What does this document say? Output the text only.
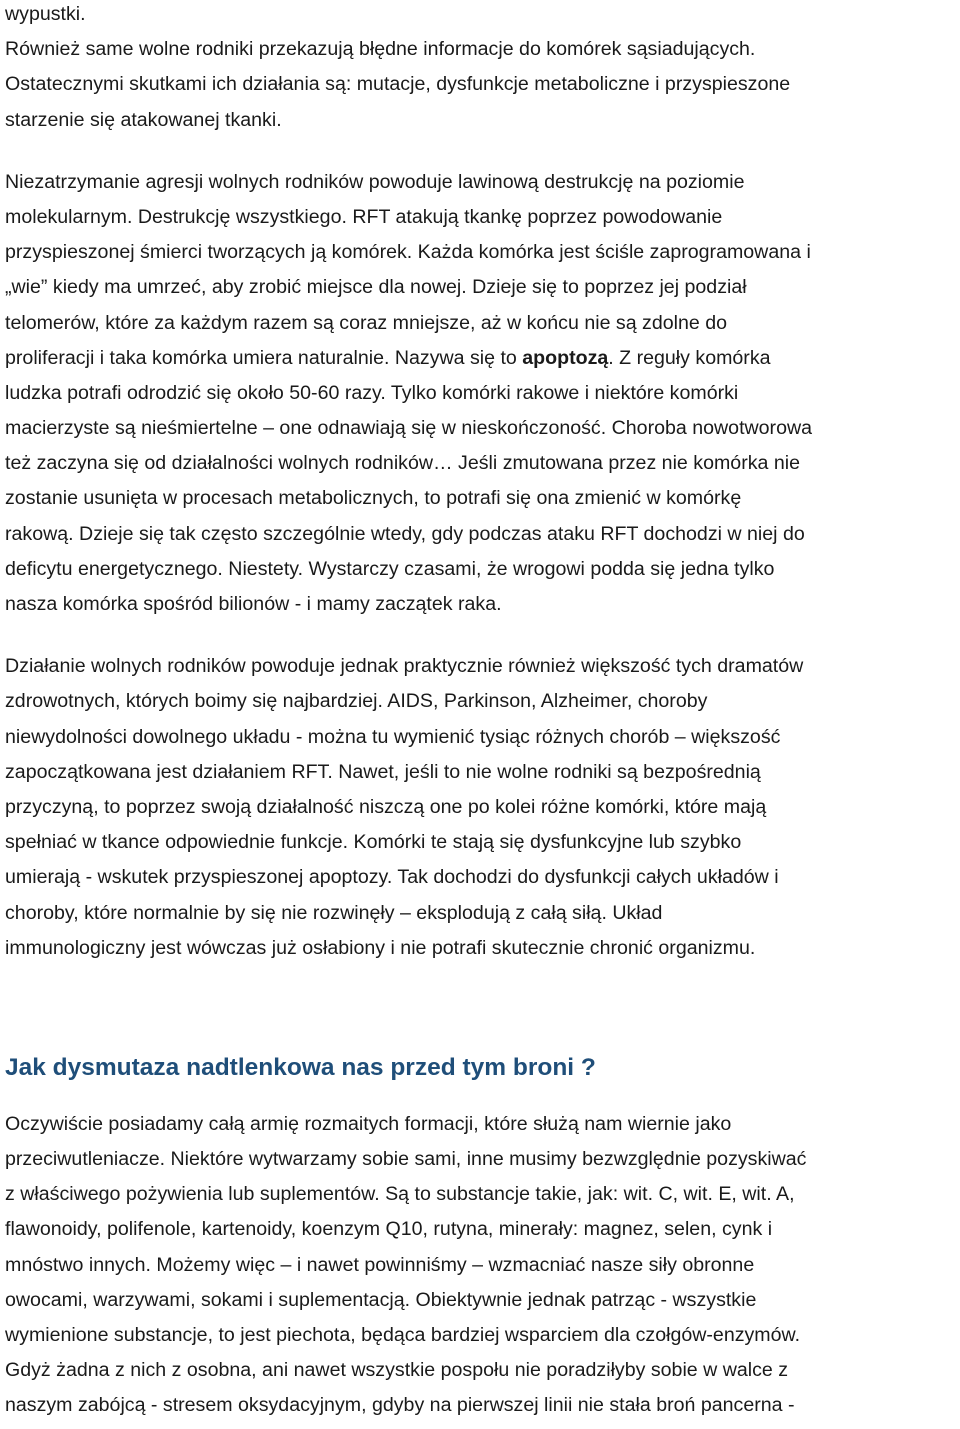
wypustki.
Również same wolne rodniki przekazują błędne informacje do komórek sąsiadujących.
Ostatecznymi skutkami ich działania są: mutacje, dysfunkcje metaboliczne i przyspieszone
starzenie się atakowanej tkanki.
Niezatrzymanie agresji wolnych rodników powoduje lawinową destrukcję na poziomie
molekularnym. Destrukcję wszystkiego. RFT atakują tkankę poprzez powodowanie
przyspieszonej śmierci tworzących ją komórek. Każda komórka jest ściśle zaprogramowana i
„wie” kiedy ma umrzeć, aby zrobić miejsce dla nowej. Dzieje się to poprzez jej podział
telomerów, które za każdym razem są coraz mniejsze, aż w końcu nie są zdolne do
proliferacji i taka komórka umiera naturalnie. Nazywa się to apoptozą. Z reguły komórka
ludzka potrafi odrodzić się około 50-60 razy. Tylko komórki rakowe i niektóre komórki
macierzyste są nieśmiertelne – one odnawiają się w nieskończoność. Choroba nowotworowa
też zaczyna się od działalności wolnych rodników… Jeśli zmutowana przez nie komórka nie
zostanie usunięta w procesach metabolicznych, to potrafi się ona zmienić w komórkę
rakową. Dzieje się tak często szczególnie wtedy, gdy podczas ataku RFT dochodzi w niej do
deficytu energetycznego. Niestety. Wystarczy czasami, że wrogowi podda się jedna tylko
nasza komórka spośród bilionów - i mamy zaczątek raka.
Działanie wolnych rodników powoduje jednak praktycznie również większość tych dramatów
zdrowotnych, których boimy się najbardziej. AIDS, Parkinson, Alzheimer, choroby
niewydolności dowolnego układu - można tu wymienić tysiąc różnych chorób – większość
zapoczątkowana jest działaniem RFT. Nawet, jeśli to nie wolne rodniki są bezpośrednią
przyczyną, to poprzez swoją działalność niszczą one po kolei różne komórki, które mają
spełniać w tkance odpowiednie funkcje. Komórki te stają się dysfunkcyjne lub szybko
umierają - wskutek przyspieszonej apoptozy. Tak dochodzi do dysfunkcji całych układów i
choroby, które normalnie by się nie rozwinęły – eksplodują z całą siłą. Układ
immunologiczny jest wówczas już osłabiony i nie potrafi skutecznie chronić organizmu.
Jak dysmutaza nadtlenkowa nas przed tym broni ?
Oczywiście posiadamy całą armię rozmaitych formacji, które służą nam wiernie jako
przeciwutleniacze. Niektóre wytwarzamy sobie sami, inne musimy bezwzględnie pozyskiwać
z właściwego pożywienia lub suplementów. Są to substancje takie, jak: wit. C, wit. E, wit. A,
flawonoidy, polifenole, kartenoidy, koenzym Q10, rutyna, minerały: magnez, selen, cynk i
mnóstwo innych. Możemy więc – i nawet powinniśmy – wzmacniać nasze siły obronne
owocami, warzywami, sokami i suplementacją. Obiektywnie jednak patrząc - wszystkie
wymienione substancje, to jest piechota, będąca bardziej wsparciem dla czołgów-enzymów.
Gdyż żadna z nich z osobna, ani nawet wszystkie pospołu nie poradziłyby sobie w walce z
naszym zabójcą - stresem oksydacyjnym, gdyby na pierwszej linii nie stała broń pancerna -
